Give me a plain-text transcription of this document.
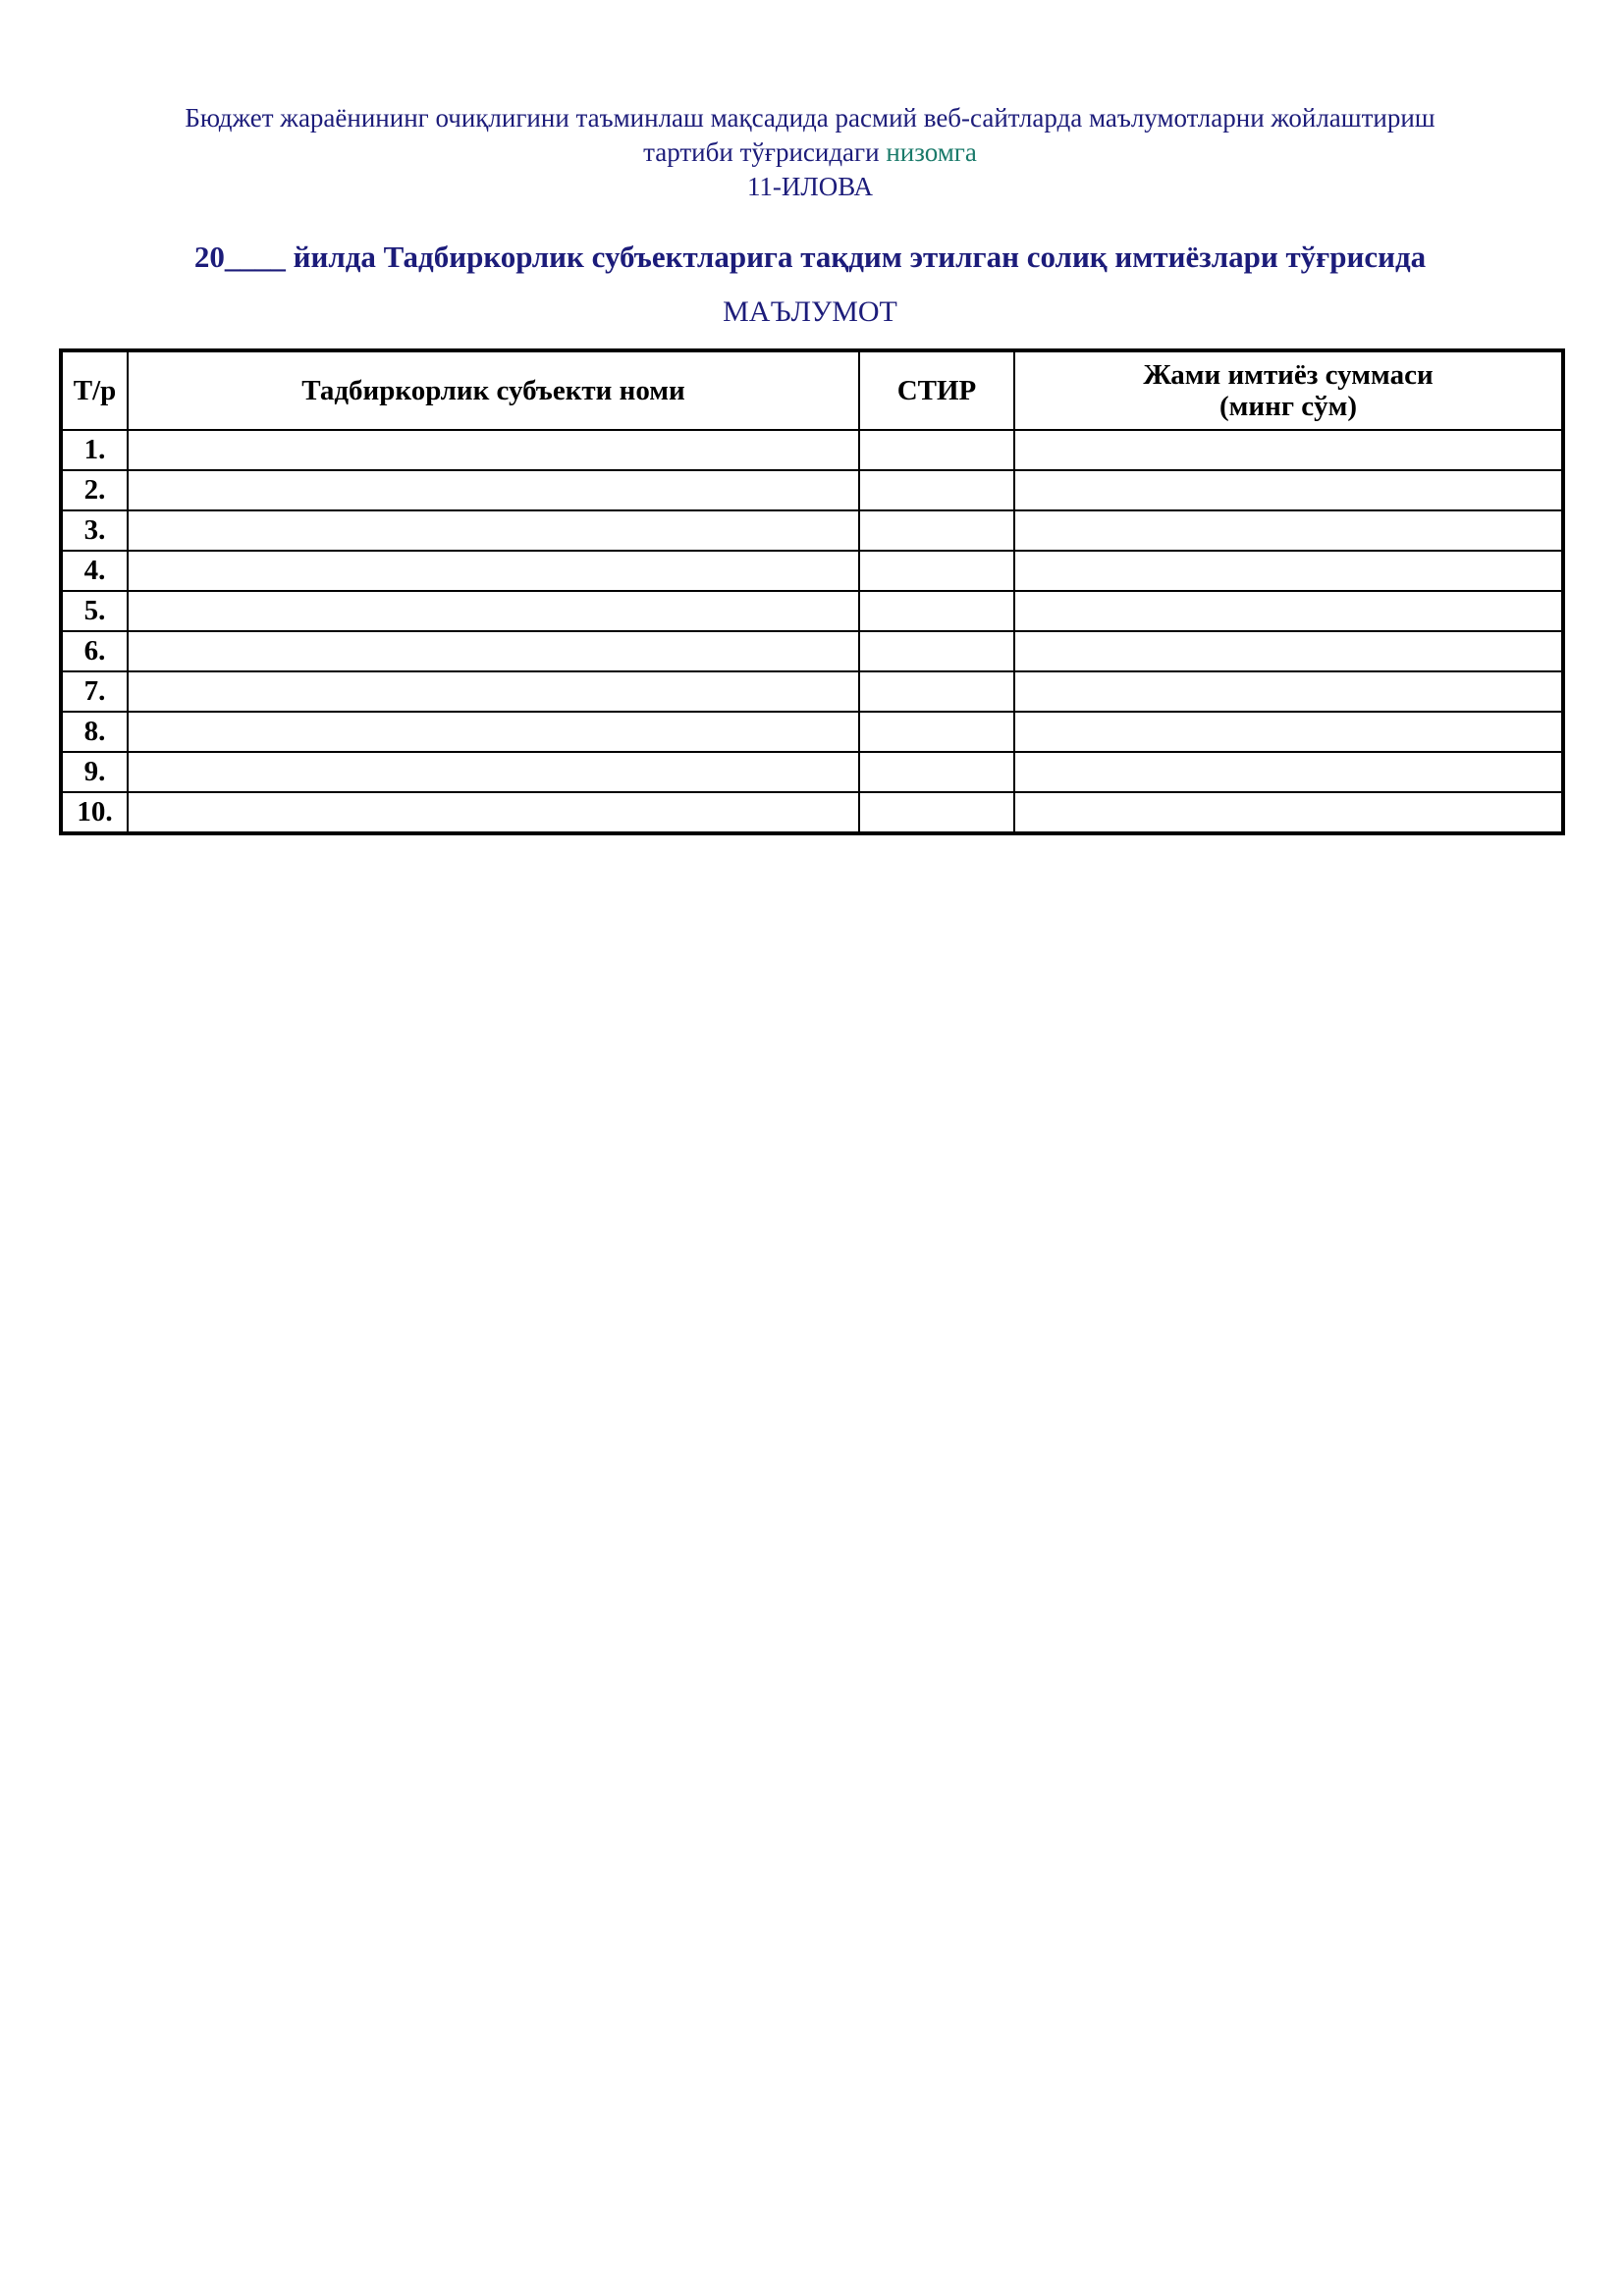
Бюджет жараёнининг очиқлигини таъминлаш мақсадида расмий веб-сайтларда маълумотларни жойлаштириш
тартиби тўғрисидаги низомга
11-ИЛОВА
20____ йилда Тадбиркорлик субъектларига тақдим этилган солиқ имтиёзлари тўғрисида
МАЪЛУМОТ
Т/р	Тадбиркорлик субъекти номи	СТИР	Жами имтиёз суммаси
(минг сўм)

1.			
2.			
3.			
4.			
5.			
6.			
7.			
8.			
9.			
10.			
